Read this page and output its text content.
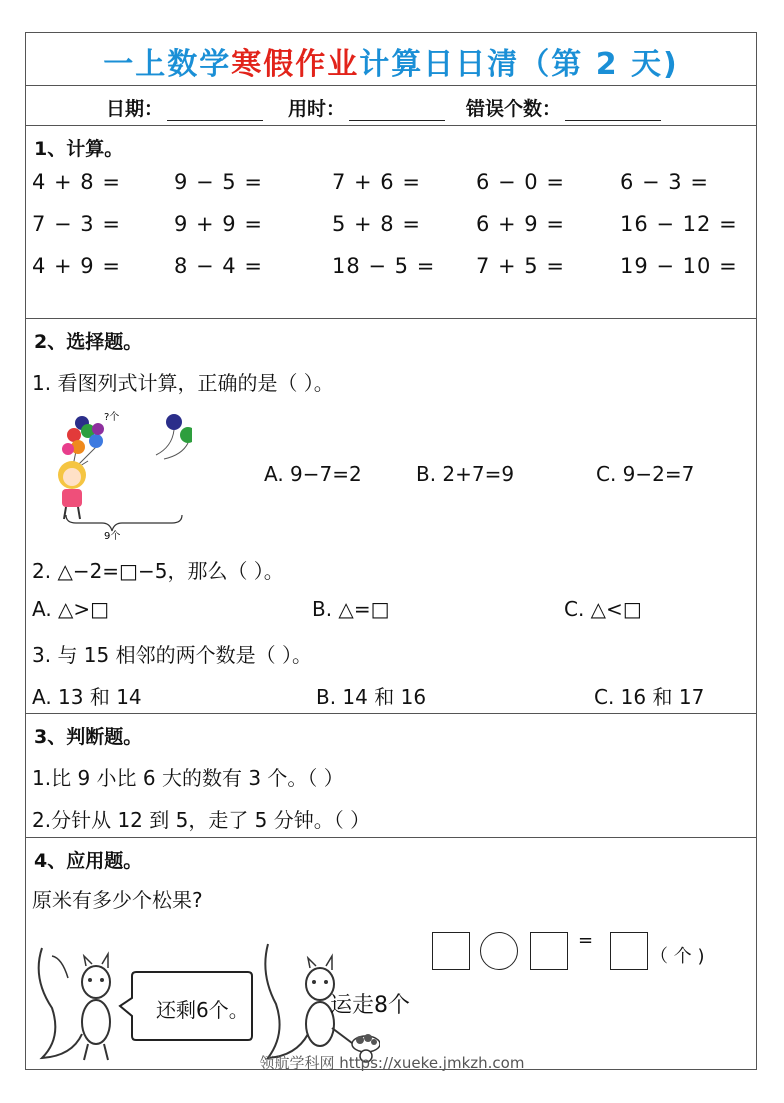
一上数学寒假作业计算日日清（第 2 天)
日期：	用时：	错误个数：
1、计算。
4 + 8 =	9 − 5 =	7 + 6 =	6 − 0 =	6 − 3 =
7 − 3 =	9 + 9 =	5 + 8 =	6 + 9 =	16 − 12 =
4 + 9 =	8 − 4 =	18 − 5 = 7 + 5 =	19 − 10 =
2、选择题。
1. 看图列式计算，正确的是（ ）。
?个
9个
A. 9−7=2	B. 2+7=9	C. 9−2=7
2. △−2=□−5，那么（ ）。
A. △>□	B. △=□	C. △<□
3. 与 15 相邻的两个数是（ ）。
A. 13 和 14	B. 14 和 16	C. 16 和 17
3、判断题。
1.比 9 小比 6 大的数有 3 个。（ ）
2.分针从 12 到 5，走了 5 分钟。（ ）
4、应用题。
原米有多少个松果?
还剩6个。	运走8个
=
（ 个 )
领航学科网 https://xueke.jmkzh.com
